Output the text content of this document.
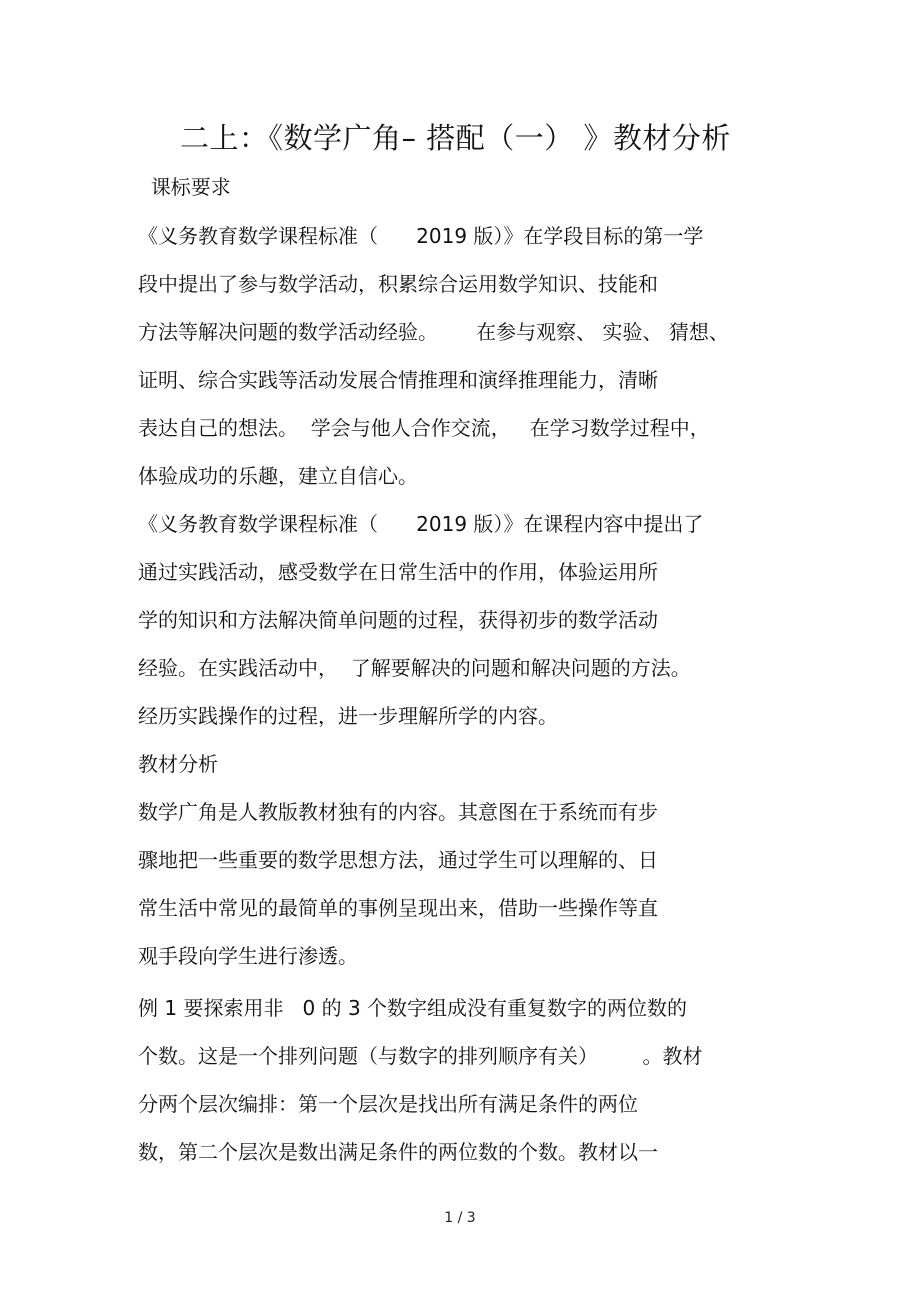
二上：《数学广角– 搭配（一） 》教材分析
课标要求
《义务教育数学课程标准（      2019 版）》在学段目标的第一学
段中提出了参与数学活动，积累综合运用数学知识、技能和
方法等解决问题的数学活动经验。      在参与观察、 实验、 猜想、
证明、综合实践等活动发展合情推理和演绎推理能力，清晰
表达自己的想法。  学会与他人合作交流，   在学习数学过程中，
体验成功的乐趣，建立自信心。
《义务教育数学课程标准（      2019 版）》在课程内容中提出了
通过实践活动，感受数学在日常生活中的作用，体验运用所
学的知识和方法解决简单问题的过程，获得初步的数学活动
经验。在实践活动中，  了解要解决的问题和解决问题的方法。
经历实践操作的过程，进一步理解所学的内容。
教材分析
数学广角是人教版教材独有的内容。其意图在于系统而有步
骤地把一些重要的数学思想方法，通过学生可以理解的、日
常生活中常见的最简单的事例呈现出来，借助一些操作等直
观手段向学生进行渗透。
例 1 要探索用非   0 的 3 个数字组成没有重复数字的两位数的
个数。这是一个排列问题（与数字的排列顺序有关）       。教材
分两个层次编排：第一个层次是找出所有满足条件的两位
数，第二个层次是数出满足条件的两位数的个数。教材以一
1 / 3
